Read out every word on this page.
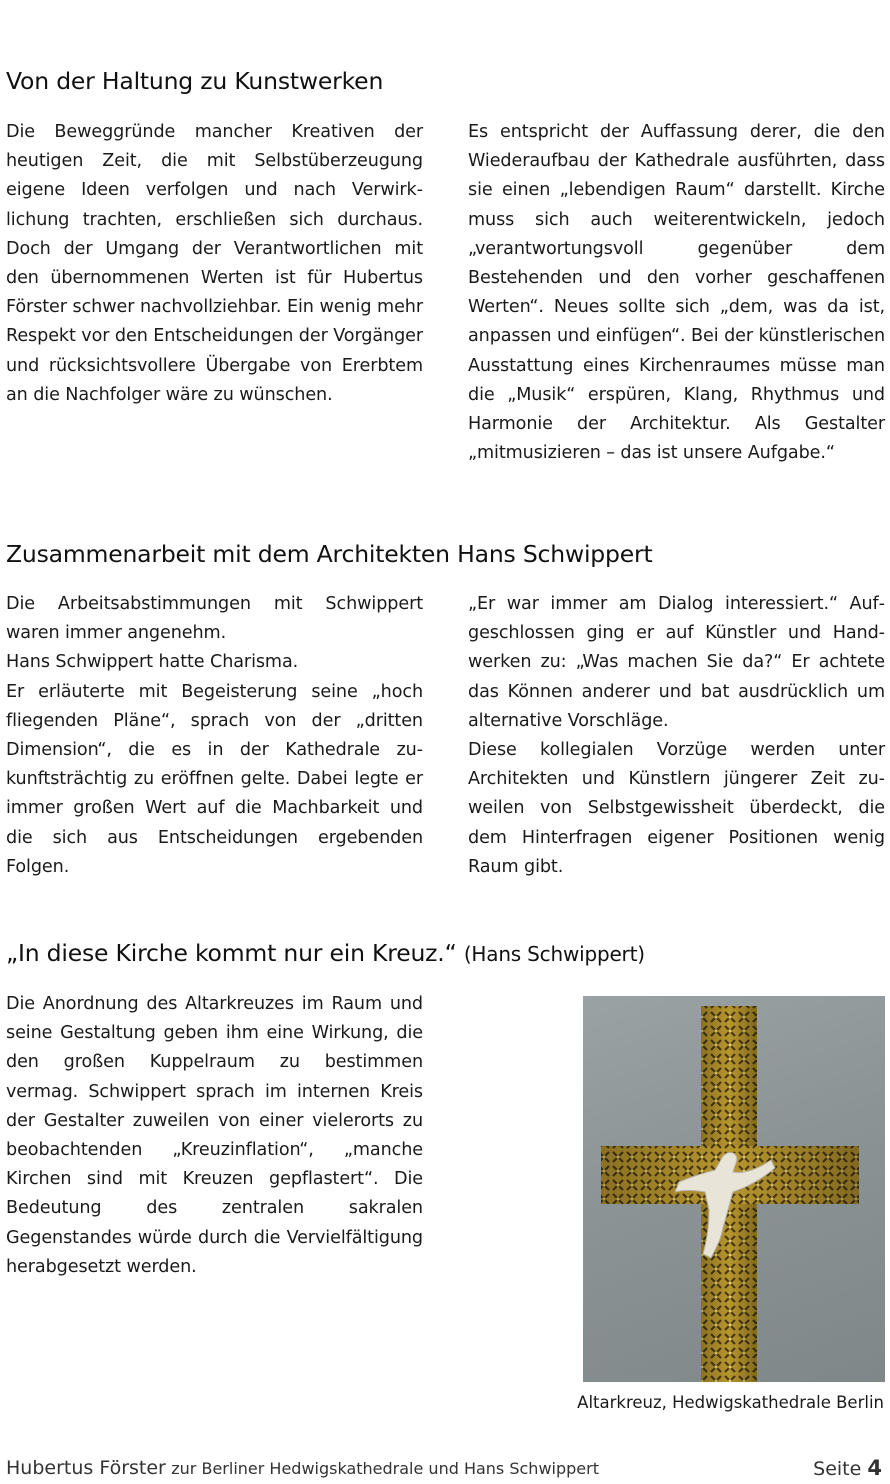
Von der Haltung zu Kunstwerken

Die Beweggründe mancher Kreativen der heutigen Zeit, die mit Selbstüberzeugung eigene Ideen verfolgen und nach Verwirklichung trachten, erschließen sich durchaus. Doch der Umgang der Verantwortlichen mit den übernommenen Werten ist für Hubertus Förster schwer nachvollziehbar. Ein wenig mehr Respekt vor den Entscheidungen der Vorgänger und rücksichtsvollere Übergabe von Ererbtem an die Nachfolger wäre zu wünschen.

Es entspricht der Auffassung derer, die den Wiederaufbau der Kathedrale ausführten, dass sie einen „lebendigen Raum“ darstellt. Kirche muss sich auch weiterentwickeln, jedoch „verantwortungsvoll gegenüber dem Bestehenden und den vorher geschaffenen Werten“. Neues sollte sich „dem, was da ist, anpassen und einfügen“. Bei der künstlerischen Ausstattung eines Kirchenraumes müsse man die „Musik“ erspüren, Klang, Rhythmus und Harmonie der Architektur. Als Gestalter „mitmusizieren – das ist unsere Aufgabe.“

Zusammenarbeit mit dem Architekten Hans Schwippert

Die Arbeitsabstimmungen mit Schwippert waren immer angenehm.

Hans Schwippert hatte Charisma.

Er erläuterte mit Begeisterung seine „hoch fliegenden Pläne“, sprach von der „dritten Dimension“, die es in der Kathedrale zukunftsträchtig zu eröffnen gelte. Dabei legte er immer großen Wert auf die Machbarkeit und die sich aus Entscheidungen ergebenden Folgen.

„Er war immer am Dialog interessiert.“ Aufgeschlossen ging er auf Künstler und Handwerken zu: „Was machen Sie da?“ Er achtete das Können anderer und bat ausdrücklich um alternative Vorschläge.

Diese kollegialen Vorzüge werden unter Architekten und Künstlern jüngerer Zeit zuweilen von Selbstgewissheit überdeckt, die dem Hinterfragen eigener Positionen wenig Raum gibt.

„In diese Kirche kommt nur ein Kreuz.“ (Hans Schwippert)

Die Anordnung des Altarkreuzes im Raum und seine Gestaltung geben ihm eine Wirkung, die den großen Kuppelraum zu bestimmen vermag. Schwippert sprach im internen Kreis der Gestalter zuweilen von einer vielerorts zu beobachtenden „Kreuzinflation“, „manche Kirchen sind mit Kreuzen gepflastert“. Die Bedeutung des zentralen sakralen Gegenstandes würde durch die Vervielfältigung herabgesetzt werden.

Altarkreuz, Hedwigskathedrale Berlin
Hubertus Förster zur Berliner Hedwigskathedrale und Hans Schwippert	Seite 4
